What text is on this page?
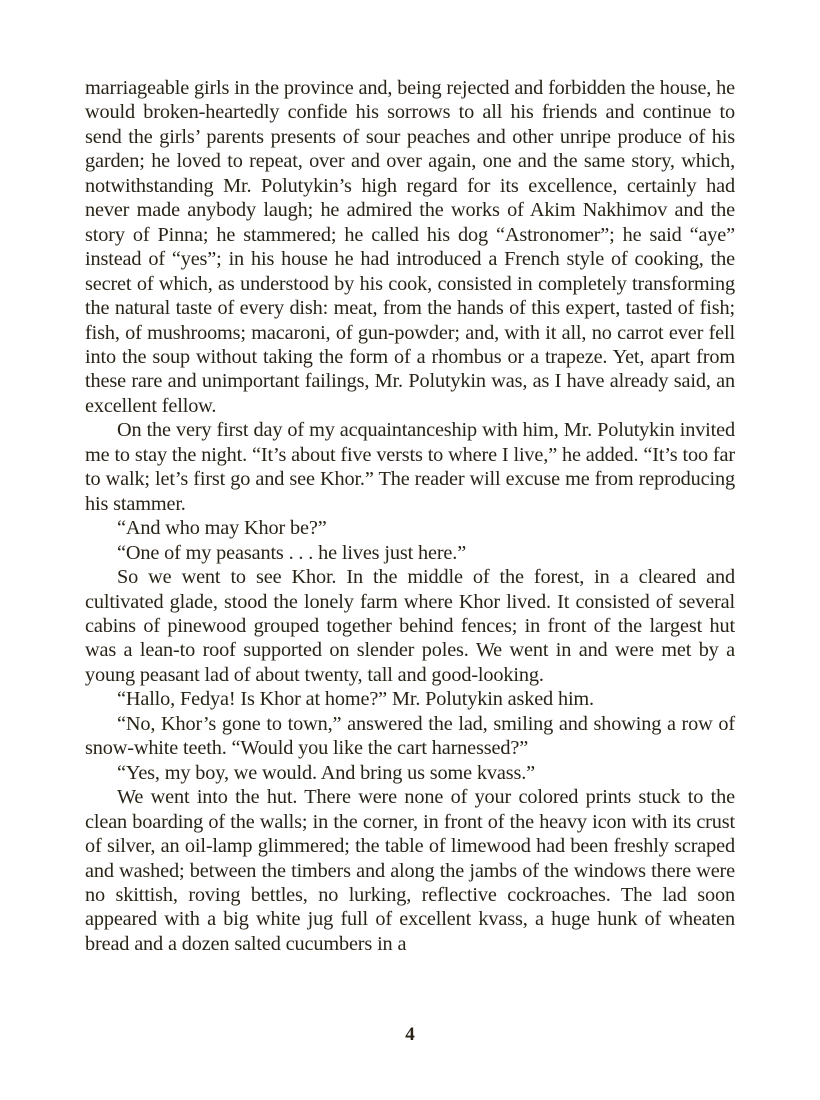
marriageable girls in the province and, being rejected and forbidden the house, he would broken-heartedly confide his sorrows to all his friends and continue to send the girls’ parents presents of sour peaches and other unripe produce of his garden; he loved to repeat, over and over again, one and the same story, which, notwithstanding Mr. Polutykin’s high regard for its excellence, certainly had never made anybody laugh; he admired the works of Akim Nakhimov and the story of Pinna; he stammered; he called his dog “Astronomer”; he said “aye” instead of “yes”; in his house he had introduced a French style of cooking, the secret of which, as understood by his cook, consisted in completely transforming the natural taste of every dish: meat, from the hands of this expert, tasted of fish; fish, of mushrooms; macaroni, of gun-powder; and, with it all, no carrot ever fell into the soup without taking the form of a rhombus or a trapeze. Yet, apart from these rare and unimportant failings, Mr. Polutykin was, as I have already said, an excellent fellow.

On the very first day of my acquaintanceship with him, Mr. Polutykin invited me to stay the night. “It’s about five versts to where I live,” he added. “It’s too far to walk; let’s first go and see Khor.” The reader will excuse me from reproducing his stammer.

“And who may Khor be?”

“One of my peasants . . . he lives just here.”

So we went to see Khor. In the middle of the forest, in a cleared and cultivated glade, stood the lonely farm where Khor lived. It consisted of several cabins of pinewood grouped together behind fences; in front of the largest hut was a lean-to roof supported on slender poles. We went in and were met by a young peasant lad of about twenty, tall and good-looking.

“Hallo, Fedya! Is Khor at home?” Mr. Polutykin asked him.

“No, Khor’s gone to town,” answered the lad, smiling and showing a row of snow-white teeth. “Would you like the cart harnessed?”

“Yes, my boy, we would. And bring us some kvass.”

We went into the hut. There were none of your colored prints stuck to the clean boarding of the walls; in the corner, in front of the heavy icon with its crust of silver, an oil-lamp glimmered; the table of limewood had been freshly scraped and washed; between the timbers and along the jambs of the windows there were no skittish, roving bettles, no lurking, reflective cockroaches. The lad soon appeared with a big white jug full of excellent kvass, a huge hunk of wheaten bread and a dozen salted cucumbers in a

4
